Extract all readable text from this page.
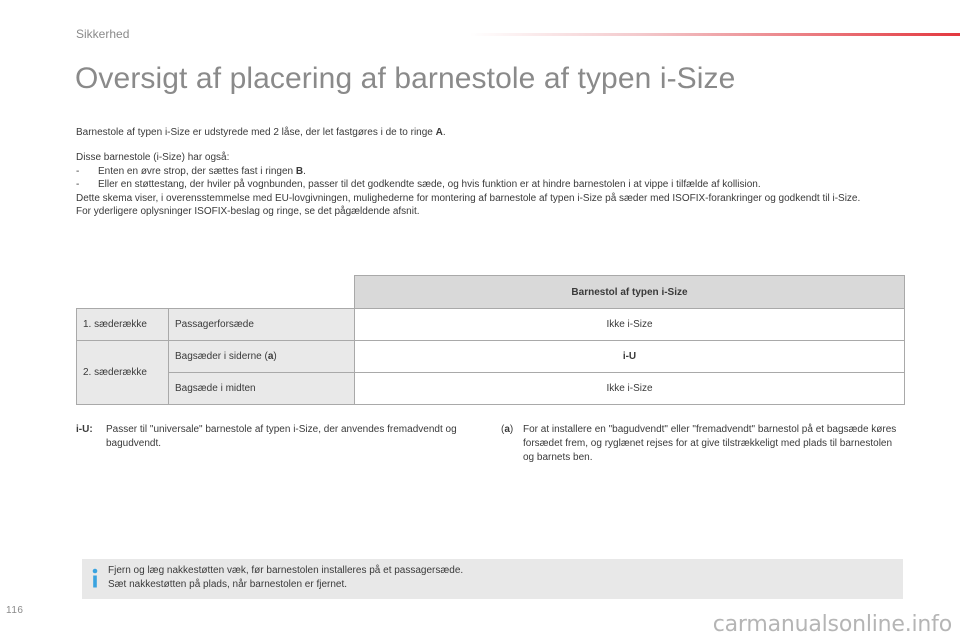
Sikkerhed
Oversigt af placering af barnestole af typen i-Size
Barnestole af typen i-Size er udstyrede med 2 låse, der let fastgøres i de to ringe A.

Disse barnestole (i-Size) har også:

- Enten en øvre strop, der sættes fast i ringen B.

- Eller en støttestang, der hviler på vognbunden, passer til det godkendte sæde, og hvis funktion er at hindre barnestolen i at vippe i tilfælde af kollision.

Dette skema viser, i overensstemmelse med EU-lovgivningen, mulighederne for montering af barnestole af typen i-Size på sæder med ISOFIX-forankringer og godkendt til i-Size.

For yderligere oplysninger ISOFIX-beslag og ringe, se det pågældende afsnit.

		Barnestol af typen i-Size
1. sæderække	Passagerforsæde	Ikke i-Size
2. sæderække	Bagsæder i siderne (a)	i-U
	Bagsæde i midten	Ikke i-Size
i-U:	Passer til "universale" barnestole af typen i-Size, der anvendes fremadvendt og bagudvendt.
(a) For at installere en "bagudvendt" eller "fremadvendt" barnestol på et bagsæde køres forsædet frem, og ryglænet rejses for at give tilstrækkeligt med plads til barnestolen og barnets ben.
Fjern og læg nakkestøtten væk, før barnestolen installeres på et passagersæde.
Sæt nakkestøtten på plads, når barnestolen er fjernet.
116
carmanualsonline.info
